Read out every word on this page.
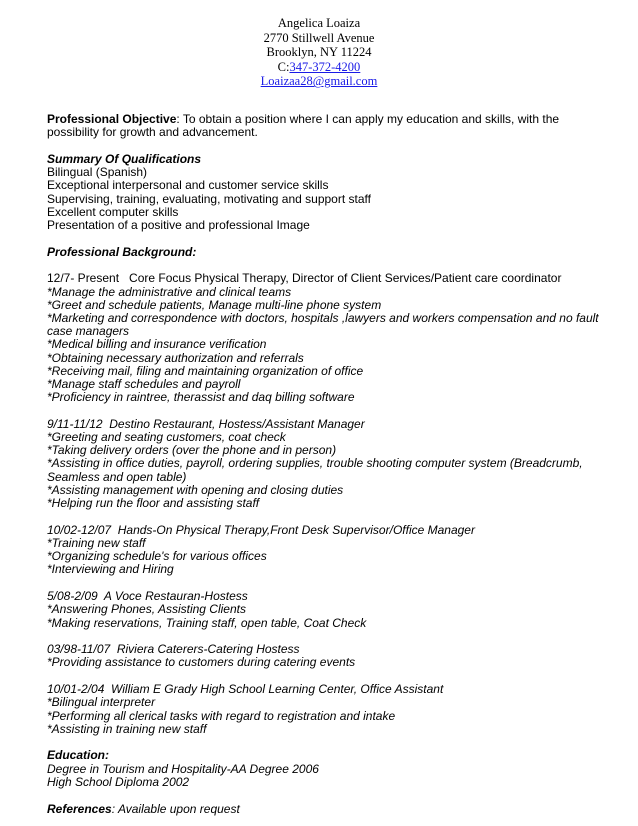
Angelica Loaiza
2770 Stillwell Avenue
Brooklyn, NY 11224
C:347-372-4200
Loaizaa28@gmail.com

Professional Objective: To obtain a position where I can apply my education and skills, with the possibility for growth and advancement.

Summary Of Qualifications
Bilingual (Spanish)
Exceptional interpersonal and customer service skills
Supervising, training, evaluating, motivating and support staff
Excellent computer skills
Presentation of a positive and professional Image
Professional Background:
12/7- Present   Core Focus Physical Therapy, Director of Client Services/Patient care coordinator
*Manage the administrative and clinical teams
*Greet and schedule patients, Manage multi-line phone system
*Marketing and correspondence with doctors, hospitals ,lawyers and workers compensation and no fault case managers
*Medical billing and insurance verification
*Obtaining necessary authorization and referrals
*Receiving mail, filing and maintaining organization of office
*Manage staff schedules and payroll
*Proficiency in raintree, therassist and daq billing software
9/11-11/12  Destino Restaurant, Hostess/Assistant Manager
*Greeting and seating customers, coat check
*Taking delivery orders (over the phone and in person)
*Assisting in office duties, payroll, ordering supplies, trouble shooting computer system (Breadcrumb, Seamless and open table)
*Assisting management with opening and closing duties
*Helping run the floor and assisting staff
10/02-12/07  Hands-On Physical Therapy,Front Desk Supervisor/Office Manager
*Training new staff
*Organizing schedule's for various offices
*Interviewing and Hiring
5/08-2/09  A Voce Restauran-Hostess
*Answering Phones, Assisting Clients
*Making reservations, Training staff, open table, Coat Check
03/98-11/07  Riviera Caterers-Catering Hostess
*Providing assistance to customers during catering events
10/01-2/04  William E Grady High School Learning Center, Office Assistant
*Bilingual interpreter
*Performing all clerical tasks with regard to registration and intake
*Assisting in training new staff
Education:
Degree in Tourism and Hospitality-AA Degree 2006
High School Diploma 2002

References: Available upon request
